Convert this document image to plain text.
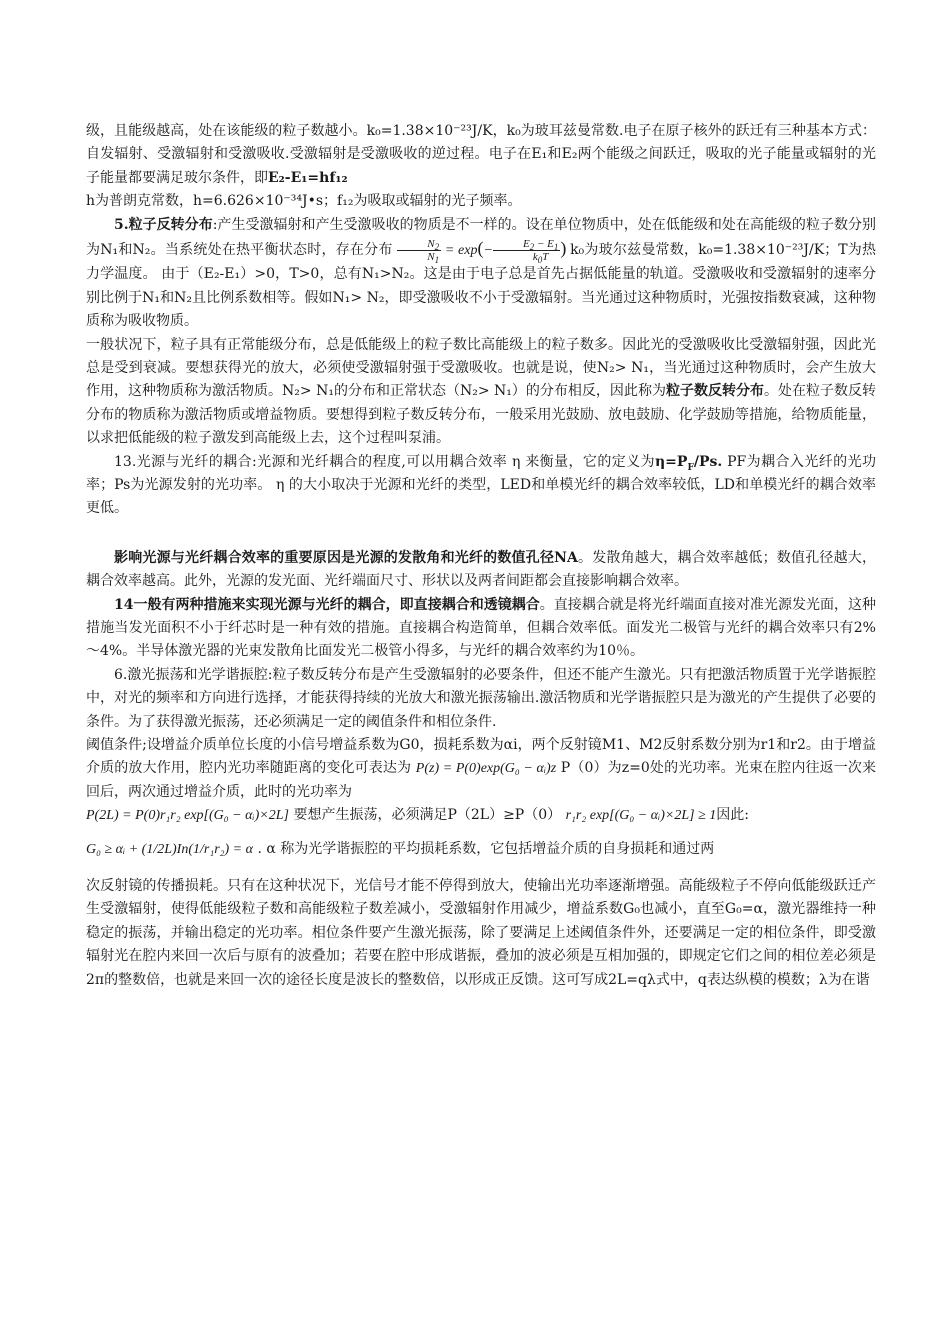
级，且能级越高，处在该能级的粒子数越小。k₀=1.38×10⁻²³J/K，k₀为玻耳兹曼常数.电子在原子核外的跃迁有三种基本方式：自发辐射、受激辐射和受激吸收.受激辐射是受激吸收的逆过程。电子在E₁和E₂两个能级之间跃迁，吸取的光子能量或辐射的光子能量都要满足玻尔条件，即E₂-E₁=hf₁₂

h为普朗克常数，h=6.626×10⁻³⁴J•s；f₁₂为吸取或辐射的光子频率。

5.粒子反转分布:产生受激辐射和产生受激吸收的物质是不一样的。设在单位物质中，处在低能级和处在高能级的粒子数分别为N₁和N₂。当系统处在热平衡状态时，存在分布 $\frac{N_2}{N_1} = \exp(- \frac{E_2 - E_1}{k_0T}$ ) k₀为玻尔兹曼常数，k₀=1.38×10⁻²³J/K；T为热力学温度。 由于（E₂-E₁）>0，T>0，总有N₁>N₂。这是由于电子总是首先占据低能量的轨道。受激吸收和受激辐射的速率分别比例于N₁和N₂且比例系数相等。假如N₁> N₂，即受激吸收不小于受激辐射。当光通过这种物质时，光强按指数衰减，这种物质称为吸收物质。

一般状况下，粒子具有正常能级分布，总是低能级上的粒子数比高能级上的粒子数多。因此光的受激吸收比受激辐射强，因此光总是受到衰减。要想获得光的放大，必须使受激辐射强于受激吸收。也就是说，使N₂> N₁，当光通过这种物质时，会产生放大作用，这种物质称为激活物质。N₂> N₁的分布和正常状态（N₂> N₁）的分布相反，因此称为粒子数反转分布。处在粒子数反转分布的物质称为激活物质或增益物质。要想得到粒子数反转分布，一般采用光鼓励、放电鼓励、化学鼓励等措施，给物质能量，以求把低能级的粒子激发到高能级上去，这个过程叫泵浦。

13.光源与光纤的耦合:光源和光纤耦合的程度,可以用耦合效率 η 来衡量，它的定义为$\eta=P_F/Ps$. PF为耦合入光纤的光功率；Ps为光源发射的光功率。 η 的大小取决于光源和光纤的类型，LED和单模光纤的耦合效率较低，LD和单模光纤的耦合效率更低。

影响光源与光纤耦合效率的重要原因是光源的发散角和光纤的数值孔径NA。发散角越大，耦合效率越低；数值孔径越大，耦合效率越高。此外，光源的发光面、光纤端面尺寸、形状以及两者间距都会直接影响耦合效率。

14一般有两种措施来实现光源与光纤的耦合，即直接耦合和透镜耦合。直接耦合就是将光纤端面直接对准光源发光面，这种措施当发光面积不小于纤芯时是一种有效的措施。直接耦合构造简单，但耦合效率低。面发光二极管与光纤的耦合效率只有2%～4%。半导体激光器的光束发散角比面发光二极管小得多，与光纤的耦合效率约为10％。

6.激光振荡和光学谐振腔:粒子数反转分布是产生受激辐射的必要条件，但还不能产生激光。只有把激活物质置于光学谐振腔中，对光的频率和方向进行选择，才能获得持续的光放大和激光振荡输出.激活物质和光学谐振腔只是为激光的产生提供了必要的条件。为了获得激光振荡，还必须满足一定的阈值条件和相位条件.

阈值条件;设增益介质单位长度的小信号增益系数为G0，损耗系数为αi，两个反射镜M1、M2反射系数分别为r1和r2。由于增益介质的放大作用，腔内光功率随距离的变化可表达为 P(z) = P(0)exp(G₀ − αᵢ)z P（0）为z=0处的光功率。光束在腔内往返一次来回后，两次通过增益介质，此时的光功率为
P(2L) = P(0)r₁r₂ exp[(G₀ − αᵢ)×2L] 要想产生振荡，必须满足P（2L）≥P（0） r₁r₂ exp[(G₀ − αᵢ)×2L] ≥ 1因此:

G₀ ≥ αᵢ + (1/2L)In(1/r₁r₂) = α . α 称为光学谐振腔的平均损耗系数，它包括增益介质的自身损耗和通过两

次反射镜的传播损耗。只有在这种状况下，光信号才能不停得到放大，使输出光功率逐渐增强。高能级粒子不停向低能级跃迁产生受激辐射，使得低能级粒子数和高能级粒子数差减小，受激辐射作用减少，增益系数G₀也减小，直至G₀=α，激光器维持一种稳定的振荡，并输出稳定的光功率。相位条件要产生激光振荡，除了要满足上述阈值条件外，还要满足一定的相位条件，即受激辐射光在腔内来回一次后与原有的波叠加；若要在腔中形成谐振，叠加的波必须是互相加强的，即规定它们之间的相位差必须是2π的整数倍，也就是来回一次的途径长度是波长的整数倍，以形成正反馈。这可写成2L=qλ式中，q表达纵模的模数；λ为在谐
